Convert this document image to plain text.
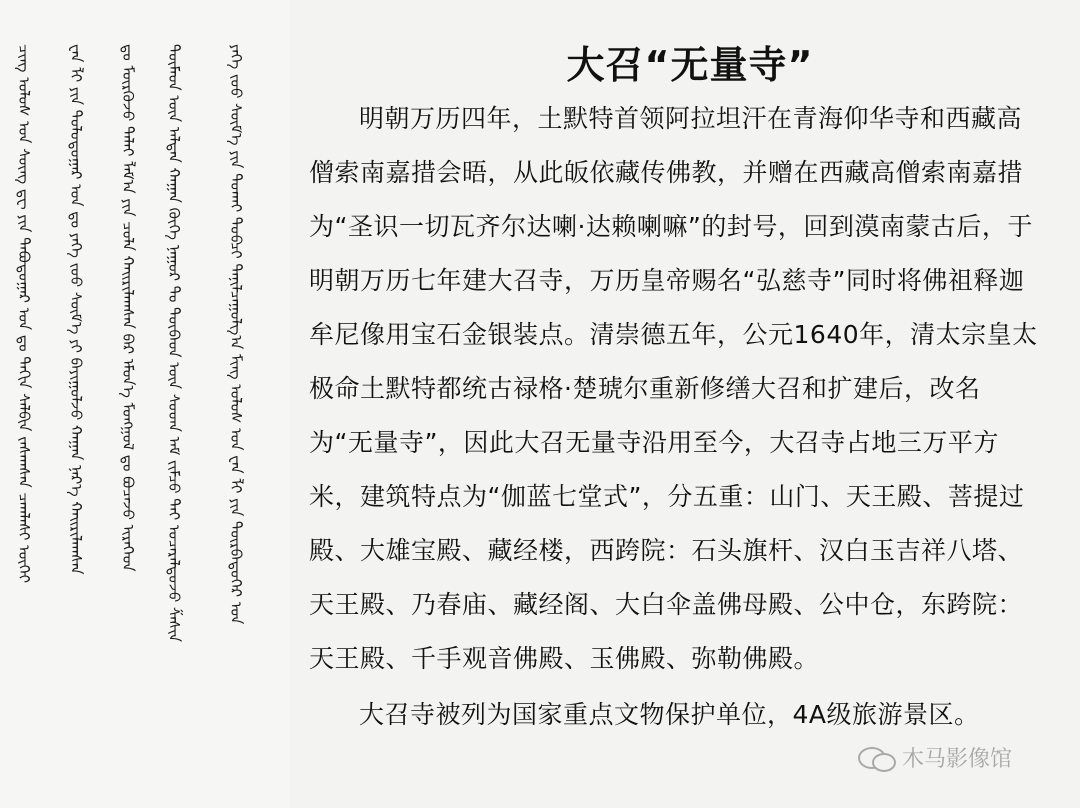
ᠶᠡᠬᠡ ᠵᠤᠤ ᠰᠦᠮ᠎ᠡ ᠶᠢᠨ ᠲᠤᠬᠠᠢ ᠲᠣᠪᠴᠢ ᠲᠠᠨᠢᠯᠴᠠᠭᠤᠯᠭ᠎ᠠ ᠮᠢᠩ ᠤᠯᠤᠰ ᠤᠨ ᠸᠠᠨ ᠯᠢ ᠶᠢᠨ ᠳᠥᠷᠪᠡᠳᠦᠭᠡᠷ ᠣᠨ
ᠲᠦᠮᠡᠳ ᠦᠨ ᠠᠯᠲᠠᠨ ᠬᠠᠭᠠᠨ ᠬᠥᠬᠡ ᠨᠠᠭᠤᠷ ᠲᠤ ᠲᠥᠪᠡᠳ ᠦᠨ ᠰᠣᠳᠨ ᠠᠮ ᠵᠢᠮᠴᠣ ᠲᠠᠢ ᠤᠴᠠᠷᠠᠯᠳᠤᠵᠤ ᠱᠠᠰᠢᠨ
ᠳᠤ ᠮᠥᠷᠭᠦᠵᠦ ᠳᠠᠯᠠᠢ ᠯᠠᠮ᠎ᠠ ᠶᠢᠨ ᠴᠣᠯᠠ ᠬᠠᠢᠷᠢᠯᠠᠭᠰᠠᠨ ᠪᠡᠷ ᠡᠮᠦᠨ᠎ᠡ ᠮᠣᠩᠭᠣᠯ ᠳᠤ ᠪᠤᠴᠠᠵᠤ ᠢᠷᠡᠭᠡᠳ
ᠸᠠᠨ ᠯᠢ ᠶᠢᠨ ᠳᠣᠯᠤᠳᠤᠭᠠᠷ ᠣᠨ ᠳᠤ ᠶᠡᠬᠡ ᠵᠤᠤ ᠰᠦᠮ᠎ᠡ ᠶᠢ ᠪᠠᠶᠢᠭᠤᠯᠵᠤ ᠬᠠᠭᠠᠨ ᠨᠡᠷ᠎ᠡ ᠬᠠᠢᠷᠢᠯᠠᠭᠰᠠᠨ
ᠴᠢᠩ ᠤᠯᠤᠰ ᠤᠨ ᠰᠦᠩ ᠳᠧ ᠶᠢᠨ ᠲᠠᠪᠤᠳᠤᠭᠠᠷ ᠣᠨ ᠳᠤ ᠳᠠᠬᠢᠨ ᠰᠡᠯᠪᠢᠨ ᠵᠠᠰᠠᠭᠰᠠᠨ ᠴᠠᠭᠯᠠᠰᠢ ᠦᠭᠡᠢ	大召“无量寺”

明朝万历四年，土默特首领阿拉坦汗在青海仰华寺和西藏高僧索南嘉措会晤，从此皈依藏传佛教，并赠在西藏高僧索南嘉措为“圣识一切瓦齐尔达喇·达赖喇嘛”的封号，回到漠南蒙古后，于明朝万历七年建大召寺，万历皇帝赐名“弘慈寺”同时将佛祖释迦牟尼像用宝石金银装点。清崇德五年，公元1640年，清太宗皇太极命土默特都统古禄格·楚琥尔重新修缮大召和扩建后，改名为“无量寺”，因此大召无量寺沿用至今，大召寺占地三万平方米，建筑特点为“伽蓝七堂式”，分五重：山门、天王殿、菩提过殿、大雄宝殿、藏经楼，西跨院：石头旗杆、汉白玉吉祥八塔、天王殿、乃春庙、藏经阁、大白伞盖佛母殿、公中仓，东跨院：天王殿、千手观音佛殿、玉佛殿、弥勒佛殿。

大召寺被列为国家重点文物保护单位，4A级旅游景区。

木马影像馆
